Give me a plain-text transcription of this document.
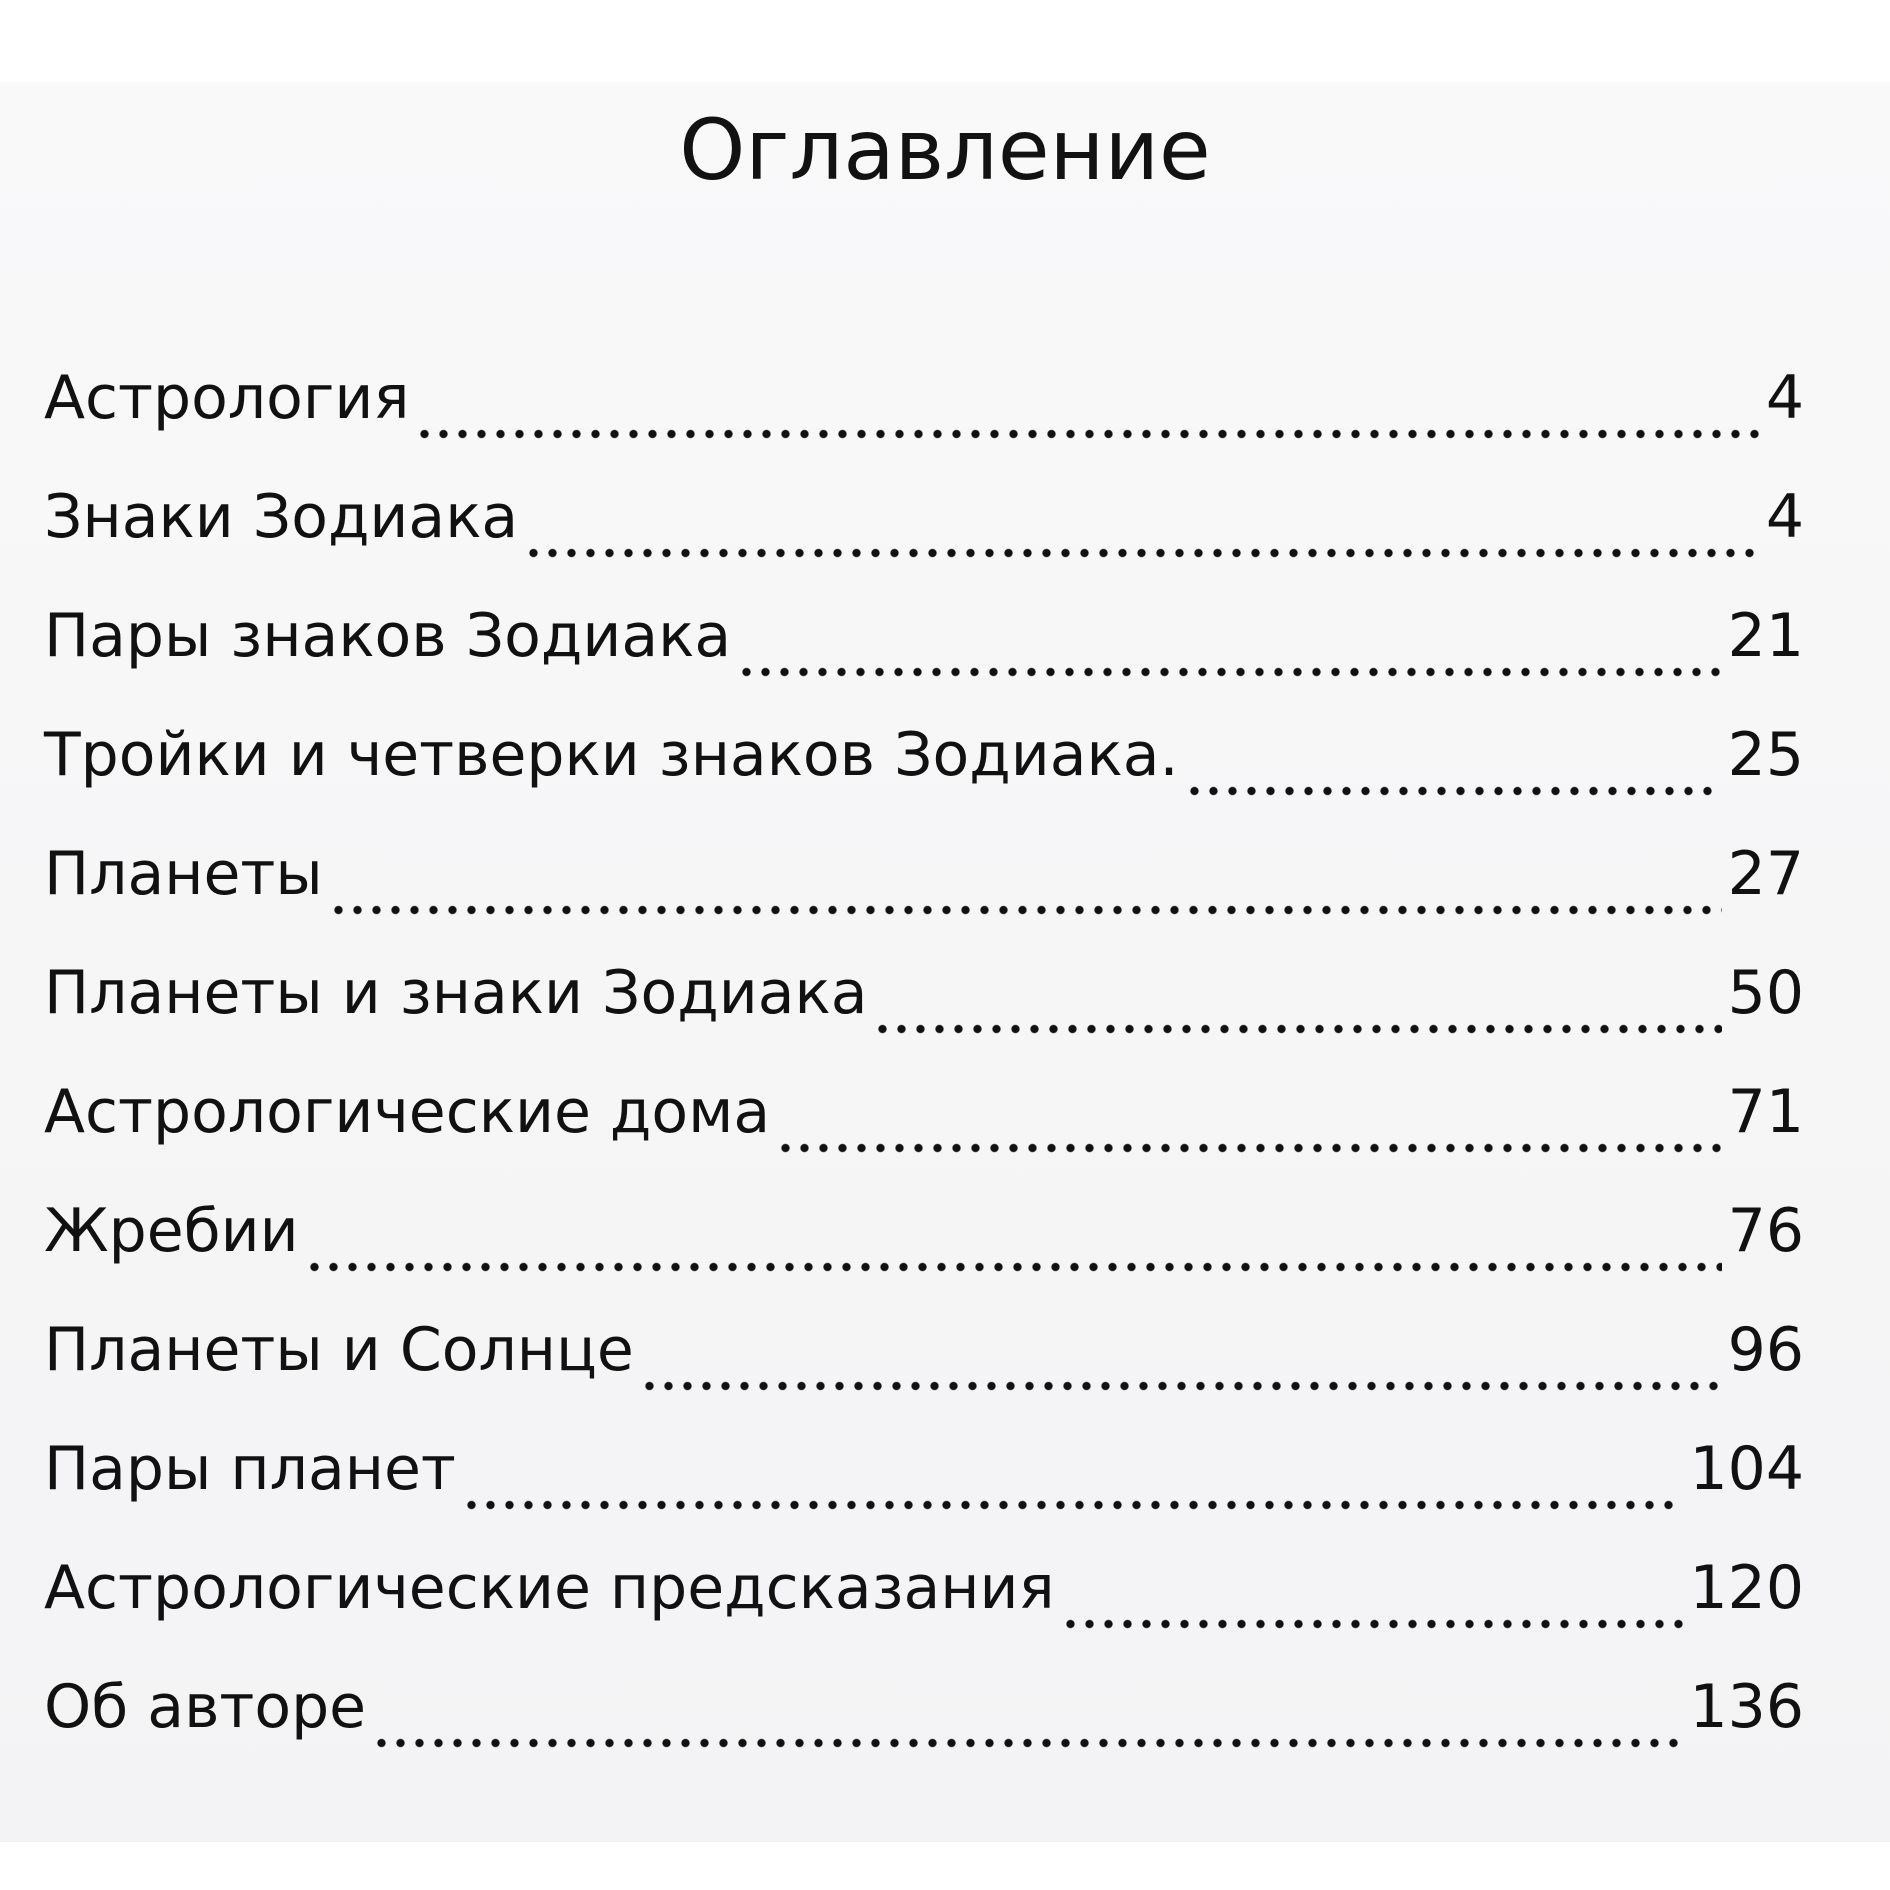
Оглавление
Астрология	4
Знаки Зодиака	4
Пары знаков Зодиака	21
Тройки и четверки знаков Зодиака.	25
Планеты	27
Планеты и знаки Зодиака	50
Астрологические дома	71
Жребии	76
Планеты и Солнце	96
Пары планет	104
Астрологические предсказания	120
Об авторе	136
